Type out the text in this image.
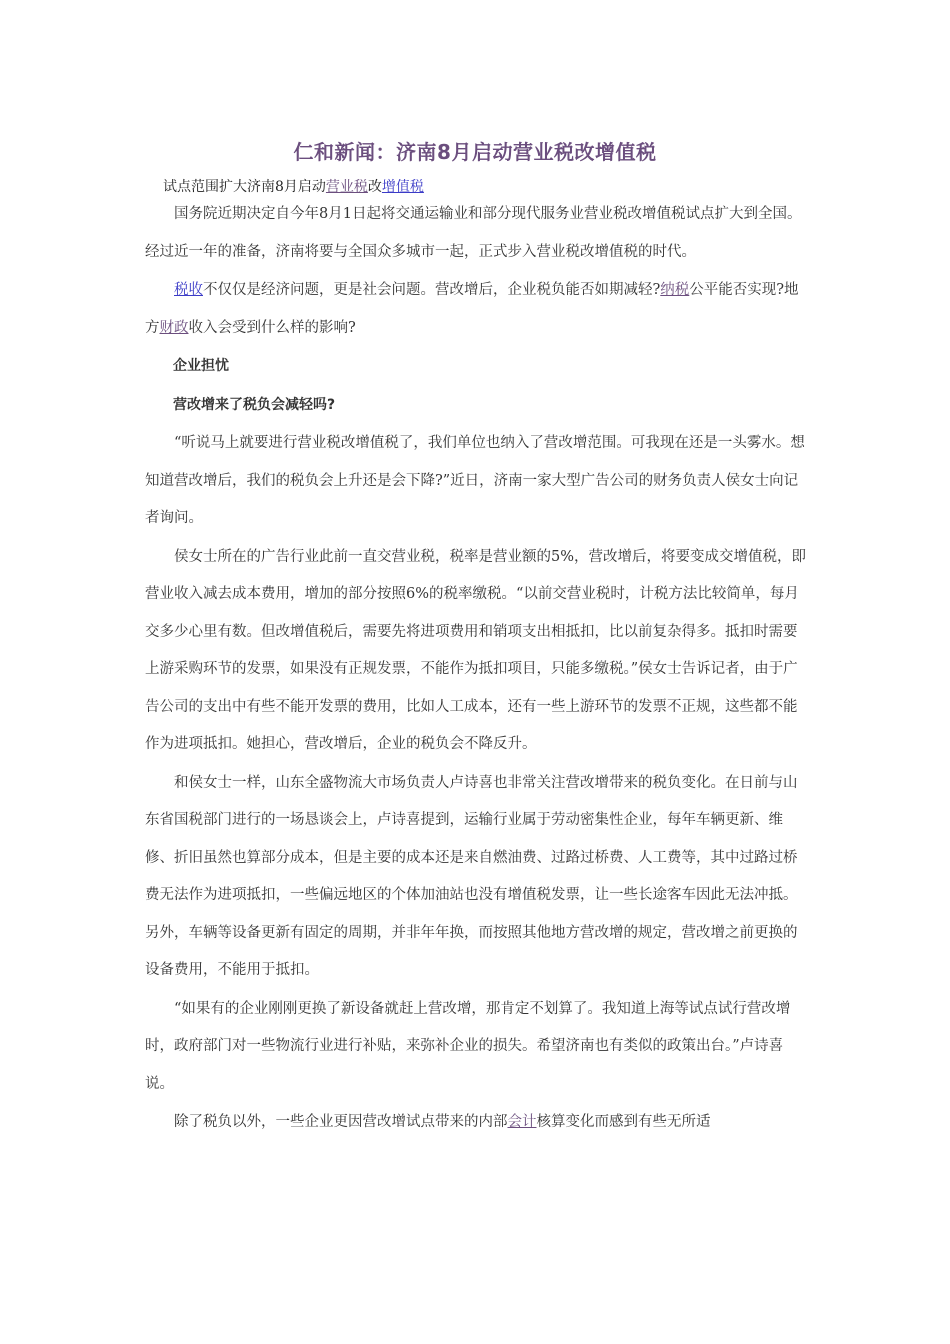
仁和新闻：济南8月启动营业税改增值税
试点范围扩大济南8月启动营业税改增值税

国务院近期决定自今年8月1日起将交通运输业和部分现代服务业营业税改增值税试点扩大到全国。经过近一年的准备，济南将要与全国众多城市一起，正式步入营业税改增值税的时代。

税收不仅仅是经济问题，更是社会问题。营改增后，企业税负能否如期减轻?纳税公平能否实现?地方财政收入会受到什么样的影响?

企业担忧

营改增来了税负会减轻吗?

“听说马上就要进行营业税改增值税了，我们单位也纳入了营改增范围。可我现在还是一头雾水。想知道营改增后，我们的税负会上升还是会下降?”近日，济南一家大型广告公司的财务负责人侯女士向记者询问。

侯女士所在的广告行业此前一直交营业税，税率是营业额的5%，营改增后，将要变成交增值税，即营业收入减去成本费用，增加的部分按照6%的税率缴税。“以前交营业税时，计税方法比较简单，每月交多少心里有数。但改增值税后，需要先将进项费用和销项支出相抵扣，比以前复杂得多。抵扣时需要上游采购环节的发票，如果没有正规发票，不能作为抵扣项目，只能多缴税。”侯女士告诉记者，由于广告公司的支出中有些不能开发票的费用，比如人工成本，还有一些上游环节的发票不正规，这些都不能作为进项抵扣。她担心，营改增后，企业的税负会不降反升。

和侯女士一样，山东全盛物流大市场负责人卢诗喜也非常关注营改增带来的税负变化。在日前与山东省国税部门进行的一场恳谈会上，卢诗喜提到，运输行业属于劳动密集性企业，每年车辆更新、维修、折旧虽然也算部分成本，但是主要的成本还是来自燃油费、过路过桥费、人工费等，其中过路过桥费无法作为进项抵扣，一些偏远地区的个体加油站也没有增值税发票，让一些长途客车因此无法冲抵。另外，车辆等设备更新有固定的周期，并非年年换，而按照其他地方营改增的规定，营改增之前更换的设备费用，不能用于抵扣。

“如果有的企业刚刚更换了新设备就赶上营改增，那肯定不划算了。我知道上海等试点试行营改增时，政府部门对一些物流行业进行补贴，来弥补企业的损失。希望济南也有类似的政策出台。”卢诗喜说。

除了税负以外，一些企业更因营改增试点带来的内部会计核算变化而感到有些无所适
